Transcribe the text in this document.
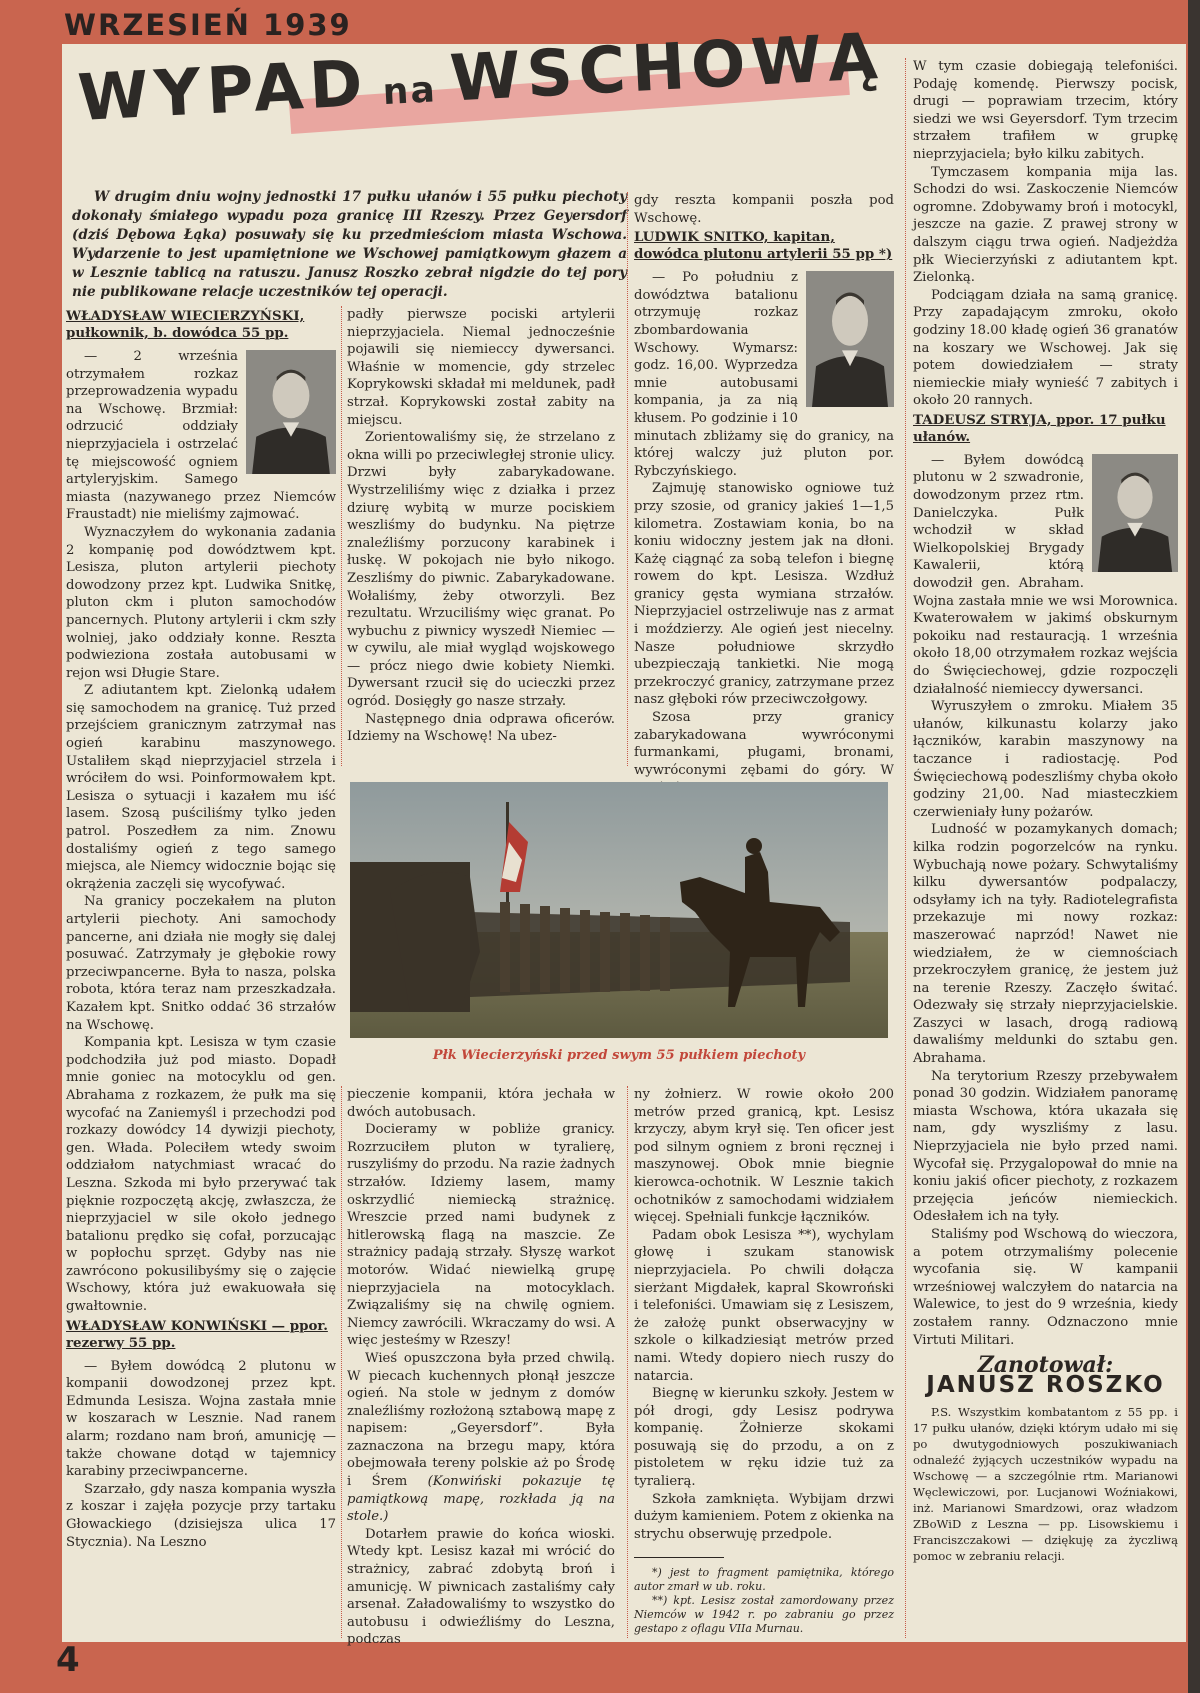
WRZESIEŃ 1939
WYPAD na WSCHOWĄ
W drugim dniu wojny jednostki 17 pułku ułanów i 55 pułku piechoty dokonały śmiałego wypadu poza granicę III Rzeszy. Przez Geyersdorf (dziś Dębowa Łąka) posuwały się ku przedmieściom miasta Wschowa. Wydarzenie to jest upamiętnione we Wschowej pamiątkowym głazem a w Lesznie tablicą na ratuszu. Janusz Roszko zebrał nigdzie do tej pory nie publikowane relacje uczestników tej operacji.
WŁADYSŁAW WIECIERZYŃSKI, pułkownik, b. dowódca 55 pp.

— 2 września otrzymałem rozkaz przeprowadzenia wypadu na Wschowę. Brzmiał: odrzucić oddziały nieprzyjaciela i ostrzelać tę miejscowość ogniem artyleryjskim. Samego miasta (nazywanego przez Niemców Fraustadt) nie mieliśmy zajmować.

Wyznaczyłem do wykonania zadania 2 kompanię pod dowództwem kpt. Lesisza, pluton artylerii piechoty dowodzony przez kpt. Ludwika Snitkę, pluton ckm i pluton samochodów pancernych. Plutony artylerii i ckm szły wolniej, jako oddziały konne. Reszta podwieziona została autobusami w rejon wsi Długie Stare.

Z adiutantem kpt. Zielonką udałem się samochodem na granicę. Tuż przed przejściem granicznym zatrzymał nas ogień karabinu maszynowego. Ustaliłem skąd nieprzyjaciel strzela i wróciłem do wsi. Poinformowałem kpt. Lesisza o sytuacji i kazałem mu iść lasem. Szosą puściliśmy tylko jeden patrol. Poszedłem za nim. Znowu dostaliśmy ogień z tego samego miejsca, ale Niemcy widocznie bojąc się okrążenia zaczęli się wycofywać.

Na granicy poczekałem na pluton artylerii piechoty. Ani samochody pancerne, ani działa nie mogły się dalej posuwać. Zatrzymały je głębokie rowy przeciwpancerne. Była to nasza, polska robota, która teraz nam przeszkadzała. Kazałem kpt. Snitko oddać 36 strzałów na Wschowę.

Kompania kpt. Lesisza w tym czasie podchodziła już pod miasto. Dopadł mnie goniec na motocyklu od gen. Abrahama z rozkazem, że pułk ma się wycofać na Zaniemyśl i przechodzi pod rozkazy dowódcy 14 dywizji piechoty, gen. Włada. Poleciłem wtedy swoim oddziałom natychmiast wracać do Leszna. Szkoda mi było przerywać tak pięknie rozpoczętą akcję, zwłaszcza, że nieprzyjaciel w sile około jednego batalionu prędko się cofał, porzucając w popłochu sprzęt. Gdyby nas nie zawrócono pokusilibyśmy się o zajęcie Wschowy, która już ewakuowała się gwałtownie.

WŁADYSŁAW KONWIŃSKI — ppor. rezerwy 55 pp.

— Byłem dowódcą 2 plutonu w kompanii dowodzonej przez kpt. Edmunda Lesisza. Wojna zastała mnie w koszarach w Lesznie. Nad ranem alarm; rozdano nam broń, amunicję — także chowane dotąd w tajemnicy karabiny przeciwpancerne.

Szarzało, gdy nasza kompania wyszła z koszar i zajęła pozycje przy tartaku Głowackiego (dzisiejsza ulica 17 Stycznia). Na Leszno

padły pierwsze pociski artylerii nieprzyjaciela. Niemal jednocześnie pojawili się niemieccy dywersanci. Właśnie w momencie, gdy strzelec Koprykowski składał mi meldunek, padł strzał. Koprykowski został zabity na miejscu.

Zorientowaliśmy się, że strzelano z okna willi po przeciwległej stronie ulicy. Drzwi były zabarykadowane. Wystrzeliliśmy więc z działka i przez dziurę wybitą w murze pociskiem weszliśmy do budynku. Na piętrze znaleźliśmy porzucony karabinek i łuskę. W pokojach nie było nikogo. Zeszliśmy do piwnic. Zabarykadowane. Wołaliśmy, żeby otworzyli. Bez rezultatu. Wrzuciliśmy więc granat. Po wybuchu z piwnicy wyszedł Niemiec — w cywilu, ale miał wygląd wojskowego — prócz niego dwie kobiety Niemki. Dywersant rzucił się do ucieczki przez ogród. Dosięgły go nasze strzały.

Następnego dnia odprawa oficerów. Idziemy na Wschowę! Na ubez-

gdy reszta kompanii poszła pod Wschowę.

LUDWIK SNITKO, kapitan, dowódca plutonu artylerii 55 pp *)

— Po południu z dowództwa batalionu otrzymuję rozkaz zbombardowania Wschowy. Wymarsz: godz. 16,00. Wyprzedza mnie autobusami kompania, ja za nią kłusem. Po godzinie i 10 minutach zbliżamy się do granicy, na której walczy już pluton por. Rybczyńskiego.

Zajmuję stanowisko ogniowe tuż przy szosie, od granicy jakieś 1—1,5 kilometra. Zostawiam konia, bo na koniu widoczny jestem jak na dłoni. Każę ciągnąć za sobą telefon i biegnę rowem do kpt. Lesisza. Wzdłuż granicy gęsta wymiana strzałów. Nieprzyjaciel ostrzeliwuje nas z armat i moździerzy. Ale ogień jest niecelny. Nasze południowe skrzydło ubezpieczają tankietki. Nie mogą przekroczyć granicy, zatrzymane przez nasz głęboki rów przeciwczołgowy.

Szosa przy granicy zabarykadowana wywróconymi furmankami, pługami, bronami, wywróconymi zębami do góry. W

pieczenie kompanii, która jechała w dwóch autobusach.

Docieramy w pobliże granicy. Rozrzuciłem pluton w tyralierę, ruszyliśmy do przodu. Na razie żadnych strzałów. Idziemy lasem, mamy oskrzydlić niemiecką strażnicę. Wreszcie przed nami budynek z hitlerowską flagą na maszcie. Ze strażnicy padają strzały. Słyszę warkot motorów. Widać niewielką grupę nieprzyjaciela na motocyklach. Związaliśmy się na chwilę ogniem. Niemcy zawrócili. Wkraczamy do wsi. A więc jesteśmy w Rzeszy!

Wieś opuszczona była przed chwilą. W piecach kuchennych płonął jeszcze ogień. Na stole w jednym z domów znaleźliśmy rozłożoną sztabową mapę z napisem: „Geyersdorf”. Była zaznaczona na brzegu mapy, która obejmowała tereny polskie aż po Środę i Śrem (Konwiński pokazuje tę pamiątkową mapę, rozkłada ją na stole.)

Dotarłem prawie do końca wioski. Wtedy kpt. Lesisz kazał mi wrócić do strażnicy, zabrać zdobytą broń i amunicję. W piwnicach zastaliśmy cały arsenał. Załadowaliśmy to wszystko do autobusu i odwieźliśmy do Leszna, podczas

ny żołnierz. W rowie około 200 metrów przed granicą, kpt. Lesisz krzyczy, abym krył się. Ten oficer jest pod silnym ogniem z broni ręcznej i maszynowej. Obok mnie biegnie kierowca-ochotnik. W Lesznie takich ochotników z samochodami widziałem więcej. Spełniali funkcje łączników.

Padam obok Lesisza **), wychylam głowę i szukam stanowisk nieprzyjaciela. Po chwili dołącza sierżant Migdałek, kapral Skowroński i telefoniści. Umawiam się z Lesiszem, że założę punkt obserwacyjny w szkole o kilkadziesiąt metrów przed nami. Wtedy dopiero niech ruszy do natarcia.

Biegnę w kierunku szkoły. Jestem w pół drogi, gdy Lesisz podrywa kompanię. Żołnierze skokami posuwają się do przodu, a on z pistoletem w ręku idzie tuż za tyralierą.

Szkoła zamknięta. Wybijam drzwi dużym kamieniem. Potem z okienka na strychu obserwuję przedpole.

*) jest to fragment pamiętnika, którego autor zmarł w ub. roku.

**) kpt. Lesisz został zamordowany przez Niemców w 1942 r. po zabraniu go przez gestapo z oflagu VIIa Murnau.

W tym czasie dobiegają telefoniści. Podaję komendę. Pierwszy pocisk, drugi — poprawiam trzecim, który siedzi we wsi Geyersdorf. Tym trzecim strzałem trafiłem w grupkę nieprzyjaciela; było kilku zabitych.

Tymczasem kompania mija las. Schodzi do wsi. Zaskoczenie Niemców ogromne. Zdobywamy broń i motocykl, jeszcze na gazie. Z prawej strony w dalszym ciągu trwa ogień. Nadjeżdża płk Wiecierzyński z adiutantem kpt. Zielonką.

Podciągam działa na samą granicę. Przy zapadającym zmroku, około godziny 18.00 kładę ogień 36 granatów na koszary we Wschowej. Jak się potem dowiedziałem — straty niemieckie miały wynieść 7 zabitych i około 20 rannych.

TADEUSZ STRYJA, ppor. 17 pułku ułanów.

— Byłem dowódcą plutonu w 2 szwadronie, dowodzonym przez rtm. Danielczyka. Pułk wchodził w skład Wielkopolskiej Brygady Kawalerii, którą dowodził gen. Abraham. Wojna zastała mnie we wsi Morownica. Kwaterowałem w jakimś obskurnym pokoiku nad restauracją. 1 września około 18,00 otrzymałem rozkaz wejścia do Święciechowej, gdzie rozpoczęli działalność niemieccy dywersanci.

Wyruszyłem o zmroku. Miałem 35 ułanów, kilkunastu kolarzy jako łączników, karabin maszynowy na taczance i radiostację. Pod Święciechową podeszliśmy chyba około godziny 21,00. Nad miasteczkiem czerwieniały łuny pożarów.

Ludność w pozamykanych domach; kilka rodzin pogorzelców na rynku. Wybuchają nowe pożary. Schwytaliśmy kilku dywersantów podpalaczy, odsyłamy ich na tyły. Radiotelegrafista przekazuje mi nowy rozkaz: maszerować naprzód! Nawet nie wiedziałem, że w ciemnościach przekroczyłem granicę, że jestem już na terenie Rzeszy. Zaczęło świtać. Odezwały się strzały nieprzyjacielskie. Zaszyci w lasach, drogą radiową dawaliśmy meldunki do sztabu gen. Abrahama.

Na terytorium Rzeszy przebywałem ponad 30 godzin. Widziałem panoramę miasta Wschowa, która ukazała się nam, gdy wyszliśmy z lasu. Nieprzyjaciela nie było przed nami. Wycofał się. Przygalopował do mnie na koniu jakiś oficer piechoty, z rozkazem przejęcia jeńców niemieckich. Odesłałem ich na tyły.

Staliśmy pod Wschową do wieczora, a potem otrzymaliśmy polecenie wycofania się. W kampanii wrześniowej walczyłem do natarcia na Walewice, to jest do 9 września, kiedy zostałem ranny. Odznaczono mnie Virtuti Militari.

Zanotował:
JANUSZ ROSZKO

P.S. Wszystkim kombatantom z 55 pp. i 17 pułku ułanów, dzięki którym udało mi się po dwutygodniowych poszukiwaniach odnaleźć żyjących uczestników wypadu na Wschowę — a szczególnie rtm. Marianowi Węclewiczowi, por. Lucjanowi Woźniakowi, inż. Marianowi Smardzowi, oraz władzom ZBoWiD z Leszna — pp. Lisowskiemu i Franciszczakowi — dziękuję za życzliwą pomoc w zebraniu relacji.

Płk Wiecierzyński przed swym 55 pułkiem piechoty
4
